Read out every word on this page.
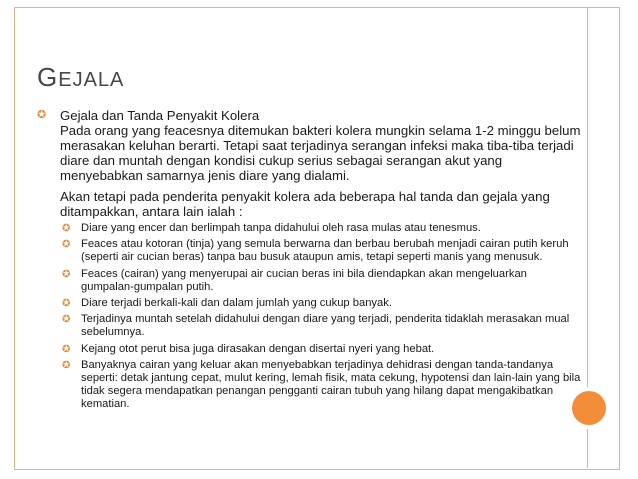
GEJALA
✪ Gejala dan Tanda Penyakit Kolera
Pada orang yang feacesnya ditemukan bakteri kolera mungkin selama 1-2 minggu belum merasakan keluhan berarti. Tetapi saat terjadinya serangan infeksi maka tiba-tiba terjadi diare dan muntah dengan kondisi cukup serius sebagai serangan akut yang menyebabkan samarnya jenis diare yang dialami.

Akan tetapi pada penderita penyakit kolera ada beberapa hal tanda dan gejala yang ditampakkan, antara lain ialah :

✪ Diare yang encer dan berlimpah tanpa didahului oleh rasa mulas atau tenesmus.
✪ Feaces atau kotoran (tinja) yang semula berwarna dan berbau berubah menjadi cairan putih keruh (seperti air cucian beras) tanpa bau busuk ataupun amis, tetapi seperti manis yang menusuk.
✪ Feaces (cairan) yang menyerupai air cucian beras ini bila diendapkan akan mengeluarkan gumpalan-gumpalan putih.
✪ Diare terjadi berkali-kali dan dalam jumlah yang cukup banyak.
✪ Terjadinya muntah setelah didahului dengan diare yang terjadi, penderita tidaklah merasakan mual sebelumnya.
✪ Kejang otot perut bisa juga dirasakan dengan disertai nyeri yang hebat.
✪ Banyaknya cairan yang keluar akan menyebabkan terjadinya dehidrasi dengan tanda-tandanya seperti: detak jantung cepat, mulut kering, lemah fisik, mata cekung, hypotensi dan lain-lain yang bila tidak segera mendapatkan penangan pengganti cairan tubuh yang hilang dapat mengakibatkan kematian.
